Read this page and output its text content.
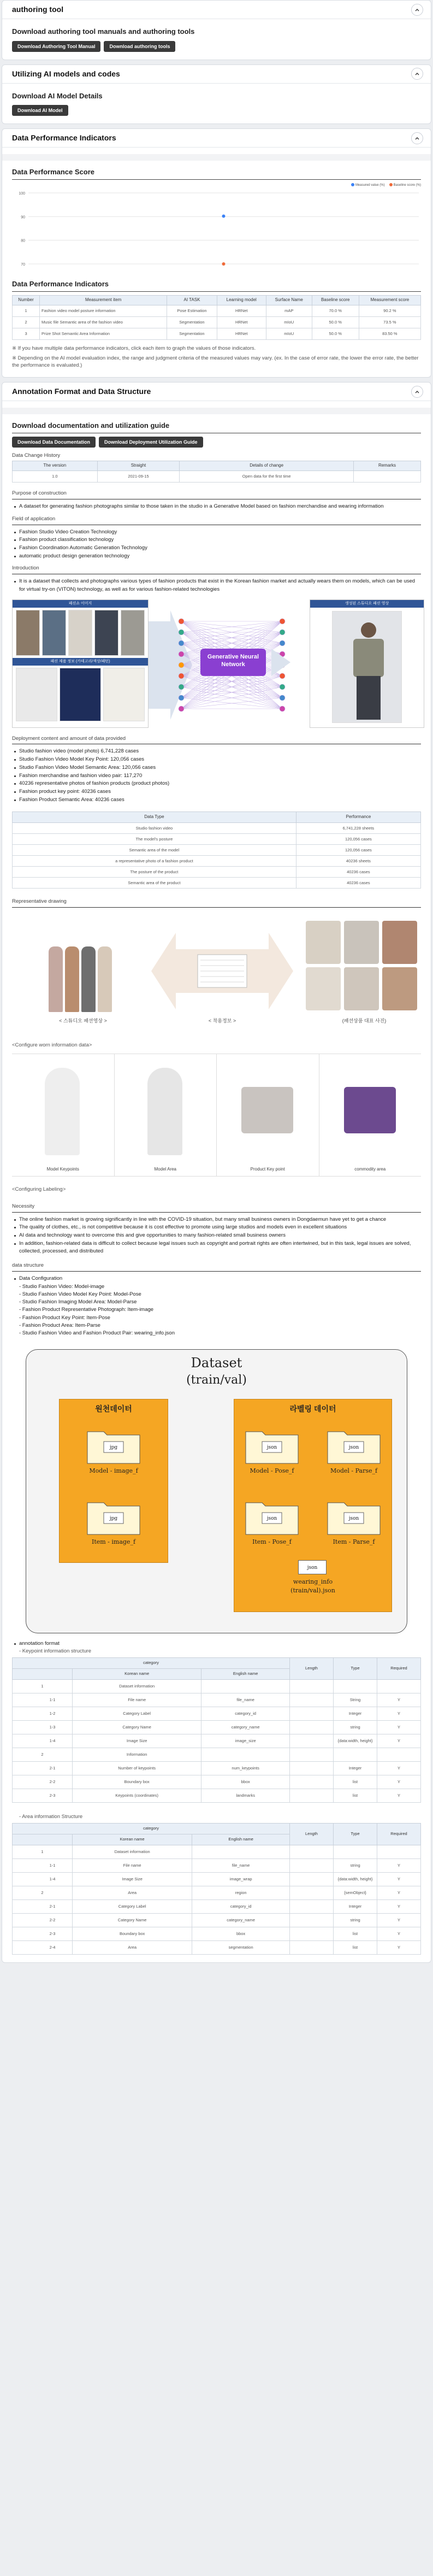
authoring tool
Download authoring tool manuals and authoring tools
Download Authoring Tool Manual	Download authoring tools
Utilizing AI models and codes
Download AI Model Details
Download AI Model
Data Performance Indicators
Data Performance Score
Measured value (%)	Baseline score (%)
100
90
80
70
Data Performance Indicators
Number	Measurement item	AI TASK	Learning model	Surface Name	Baseline score	Measurement score
1	Fashion video model posture information	Pose Estimation	HRNet	mAP	70.0 %	90.2 %
2	Music file Semantic area of the fashion video	Segmentation	HRNet	mIoU	50.0 %	73.5 %
3	Prize Shot Semantic Area Information	Segmentation	HRNet	mIoU	50.0 %	83.50 %

※ If you have multiple data performance indicators, click each item to graph the values of those indicators.

※ Depending on the AI model evaluation index, the range and judgment criteria of the measured values may vary. (ex. In the case of error rate, the lower the error rate, the better the performance is evaluated.)

Annotation Format and Data Structure
Download documentation and utilization guide
Download Data Documentation	Download Deployment Utilization Guide
Data Change History
The version	Straight	Details of change	Remarks
1.0	2021-09-15	Open data for the first time	
Purpose of construction
A dataset for generating fashion photographs similar to those taken in the studio in a Generative Model based on fashion merchandise and wearing information
Field of application
Fashion Studio Video Creation Technology
Fashion product classification technology
Fashion Coordination Automatic Generation Technology
automatic product design generation technology
Introduction
It is a dataset that collects and photographs various types of fashion products that exist in the Korean fashion market and actually wears them on models, which can be used for virtual try-on (VITON) technology, as well as for various fashion-related technologies
패션쇼 이미지
패션 제품 정보 (카테고리/색상/패턴)
Generative Neural Network
생성된 스튜디오 패션 영상
Deployment content and amount of data provided
Studio fashion video (model photo) 6,741,228 cases
Studio Fashion Video Model Key Point: 120,056 cases
Studio Fashion Video Model Semantic Area: 120,056 cases
Fashion merchandise and fashion video pair: 117,270
40236 representative photos of fashion products (product photos)
Fashion product key point: 40236 cases
Fashion Product Semantic Area: 40236 cases
Data Type	Performance
Studio fashion video	6,741,228 sheets
The model's posture	120,056 cases
Semantic area of the model	120,056 cases
a representative photo of a fashion product	40236 sheets
The posture of the product	40236 cases
Semantic area of the product	40236 cases
Representative drawing
< 스튜디오 패션영상 >	< 착용정보 >	(패션상품 대표 사진)
<Configure worn information data>
Model Keypoints	Model Area	Product Key point	commodity area
<Configuring Labeling>
Necessity
The online fashion market is growing significantly in line with the COVID-19 situation, but many small business owners in Dongdaemun have yet to get a chance
The quality of clothes, etc., is not competitive because it is cost effective to promote using large studios and models even in excellent situations
AI data and technology want to overcome this and give opportunities to many fashion-related small business owners
In addition, fashion-related data is difficult to collect because legal issues such as copyright and portrait rights are often intertwined, but in this task, legal issues are solved, collected, processed, and distributed
data structure
Data Configuration
- Studio Fashion Video: Model-image
- Studio Fashion Video Model Key Point: Model-Pose
- Studio Fashion Imaging Model Area: Model-Parse
- Fashion Product Representative Photograph: Item-image
- Fashion Product Key Point: Item-Pose
- Fashion Product Area: Item-Parse
- Studio Fashion Video and Fashion Product Pair: wearing_info.json
Dataset
(train/val)
원천데이터	라벨링 데이터
jpg
Model - image_f
jpg
Item - image_f
json
Model - Pose_f
json
Model - Parse_f
json
Item - Pose_f
json
Item - Parse_f
json
wearing_info
(train/val).json
annotation format
- Keypoint information structure
category			Length	Type	Required
	Korean name	English name			
1	Dataset information				
1-1	File name	file_name		String	Y
1-2	Category Label	category_id		Integer	Y
1-3	Category Name	category_name		string	Y
1-4	Image Size	image_size		{data:width, height}	Y
2	Information				
2-1	Number of keypoints	num_keypoints		Integer	Y
2-2	Boundary box	bbox		list	Y
2-3	Keypoints (coordinates)	landmarks		list	Y
- Area information Structure
category			Length	Type	Required
	Korean name	English name			
1	Dataset information				
1-1	File name	file_name		string	Y
1-4	Image Size	image_wrap		{data:width, height}	Y
2	Area	region		{semObject}	Y
2-1	Category Label	category_id		Integer	Y
2-2	Category Name	category_name		string	Y
2-3	Boundary box	bbox		list	Y
2-4	Area	segmentation		list	Y
